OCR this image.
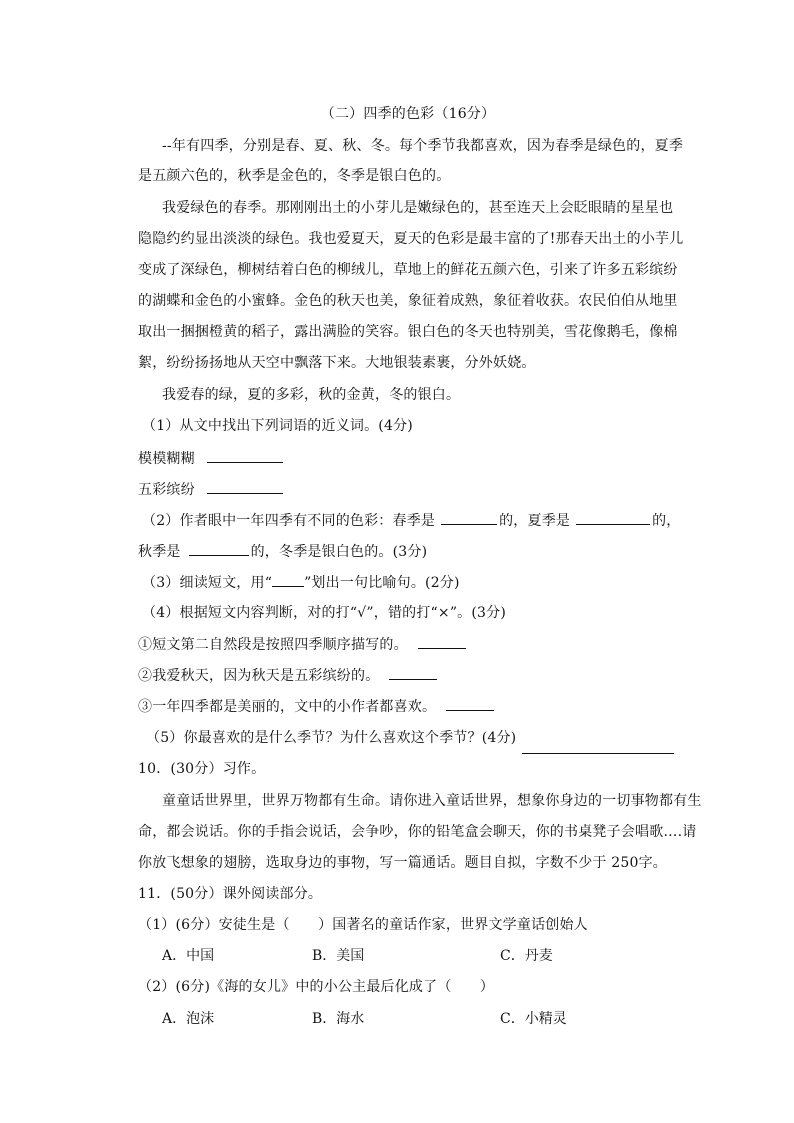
（二）四季的色彩（16分）
--年有四季，分别是春、夏、秋、冬。每个季节我都喜欢，因为春季是绿色的，夏季
是五颜六色的，秋季是金色的，冬季是银白色的。
我爱绿色的春季。那刚刚出土的小芽儿是嫩绿色的，甚至连天上会眨眼睛的星星也
隐隐约约显出淡淡的绿色。我也爱夏天，夏天的色彩是最丰富的了!那春天出土的小芋儿
变成了深绿色，柳树结着白色的柳绒儿，草地上的鲜花五颜六色，引来了许多五彩缤纷
的湖蝶和金色的小蜜蜂。金色的秋天也美，象征着成熟，象征着收获。农民伯伯从地里
取出一捆捆橙黄的稻子，露出满脸的笑容。银白色的冬天也特别美，雪花像鹅毛，像棉
絮，纷纷扬扬地从天空中飘落下来。大地银装素裹，分外妖娆。
我爱春的绿，夏的多彩，秋的金黄，冬的银白。
（1）从文中找出下列词语的近义词。(4分)
模模糊糊
五彩缤纷
（2）作者眼中一年四季有不同的色彩：春季是	的，夏季是	的，
秋季是	的，冬季是银白色的。(3分)
（3）细读短文，用“ ”划出一句比喻句。(2分)
（4）根据短文内容判断，对的打“√”，错的打“×”。(3分)
①短文第二自然段是按照四季顺序描写的。
②我爱秋天，因为秋天是五彩缤纷的。
③一年四季都是美丽的，文中的小作者都喜欢。
（5）你最喜欢的是什么季节？为什么喜欢这个季节？(4分)
10．(30分）习作。
童童话世界里，世界万物都有生命。请你进入童话世界，想象你身边的一切事物都有生
命，都会说话。你的手指会说话，会争吵，你的铅笔盒会聊天，你的书桌凳子会唱歌….请
你放飞想象的翅膀，选取身边的事物，写一篇通话。题目自拟，字数不少于 250字。
11．(50分）课外阅读部分。
（1）(6分）安徒生是（　　）国著名的童话作家，世界文学童话创始人
A．中国	B．美国	C．丹麦
（2）(6分)《海的女儿》中的小公主最后化成了（　　）
A．泡沫	B．海水	C．小精灵
